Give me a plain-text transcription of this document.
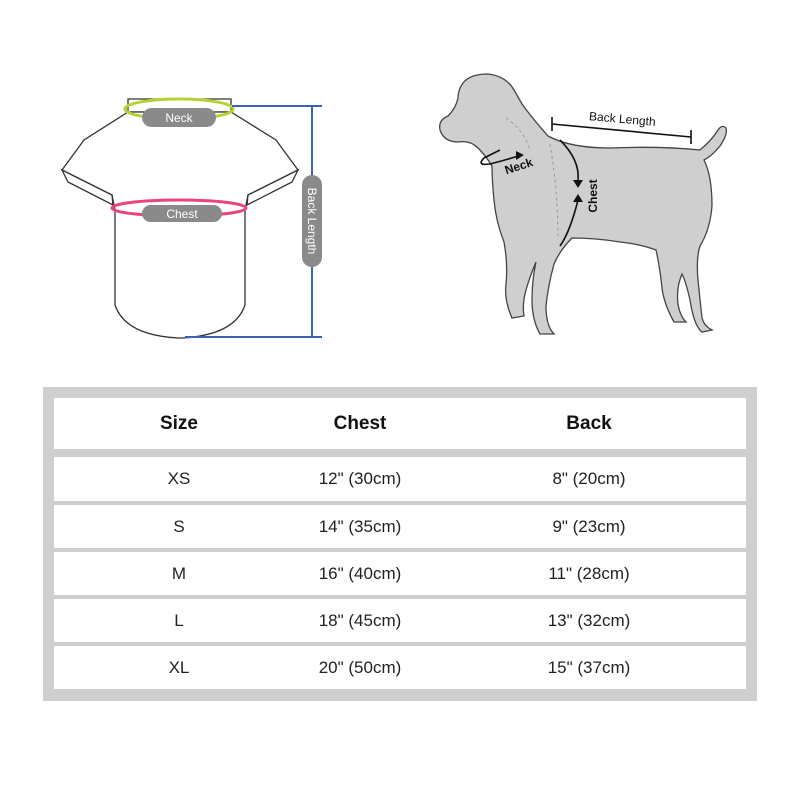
Neck
Chest	Back Length
Back Length
Neck
Chest
Size	Chest	Back
XS	12" (30cm)	8" (20cm)
S	14" (35cm)	9" (23cm)
M	16" (40cm)	11" (28cm)
L	18" (45cm)	13" (32cm)
XL	20" (50cm)	15" (37cm)
